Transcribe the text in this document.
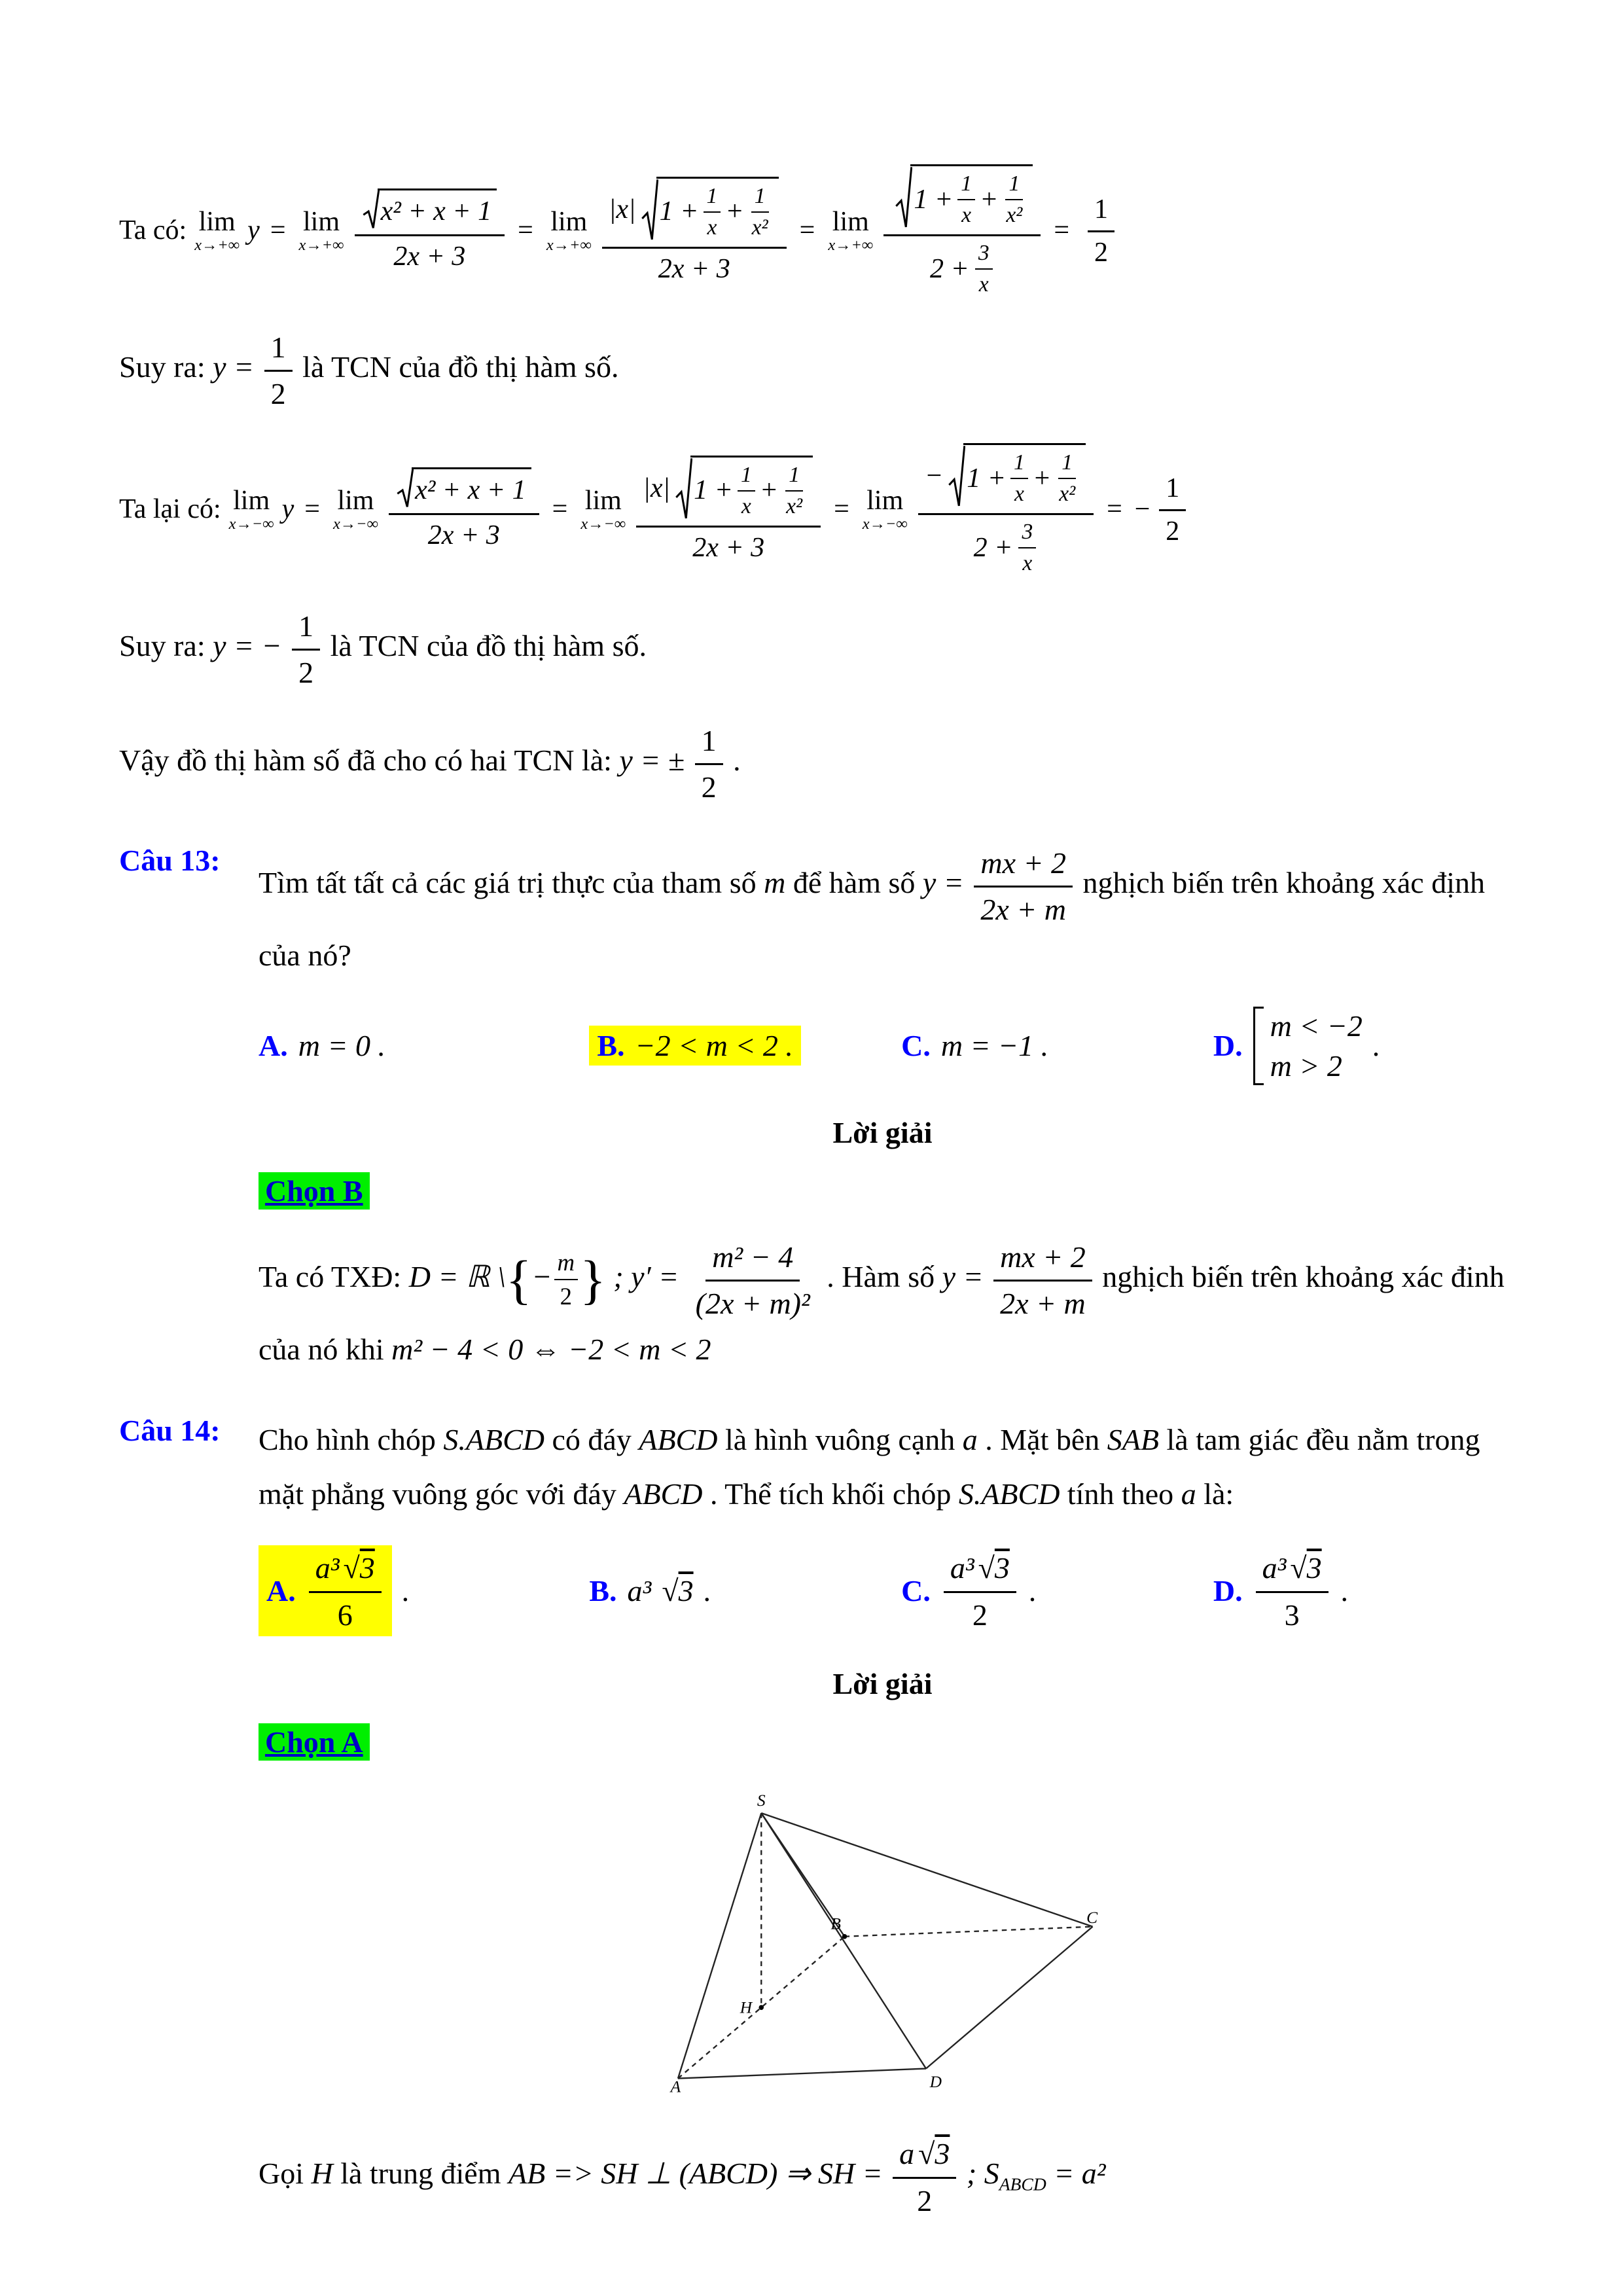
Ta có: lim
x→+∞ y = lim
$x\to+\infty \frac{\text{x² + x + 1}}{2x + 3} = \lim$
x→+∞
|x| $1 + \frac{1}{x} + \frac{1}{\text{x²}}$
2x + 3
= lim
$x\to+\infty \frac{1 + \frac{1}{x} + \frac{1}{\text{x²}}}{2 + \frac{3}{x}} = \frac{1}{2}$
Suy ra: $y = \frac{1}{2}$ là TCN của đồ thị hàm số.
Ta lại có: lim
x→−∞ y = lim
$x\to-\infty \frac{\text{x² + x + 1}}{2x + 3} = \lim$
x→−∞
|x| $1 + \frac{1}{x} + \frac{1}{\text{x²}}$
2x + 3
= lim
x→−∞
− $1 + \frac{1}{x} + \frac{1}{\text{x²}}$
$2 + \frac{3}{x}$
= − $\frac{1}{2}$
Suy ra: y = − $\frac{1}{2}$ là TCN của đồ thị hàm số.
Vậy đồ thị hàm số đã cho có hai TCN là: y = ± $\frac{1}{2}$ .
Câu 13:
Tìm tất tất cả các giá trị thực của tham số m để hàm số $y = \frac{mx + 2}{2x + m}$ nghịch biến trên khoảng xác định của nó?
A. m = 0 .	B. −2 < m < 2 .	C. m = −1 .	D.
m < −2
m > 2
.
Lời giải
Chọn B
Ta có TXĐ: D = ℝ \{− $\frac{m}{2}$ } ; $y' = \frac{\text{m² − 4}}{\text{(2x + m)²}}$ . Hàm số $y = \frac{mx + 2}{2x + m}$ nghịch biến trên khoảng xác đinh của nó khi m² − 4 < 0 ⇔ −2 < m < 2
Câu 14:	Cho hình chóp S.ABCD có đáy ABCD là hình vuông cạnh a . Mặt bên SAB là tam giác đều nằm trong mặt phẳng vuông góc với đáy ABCD . Thể tích khối chóp S.ABCD tính theo a là:
A. $\frac{\text{a³ √3}}{6}$ .	B. a³ √3 .	C. $\frac{\text{a³ √3}}{2}$ .	D. $\frac{\text{a³ √3}}{3}$ .
Lời giải
Chọn A
S
A
B	C
D
H
Gọi H là trung điểm AB => SH ⊥ (ABCD) ⇒ SH = $\frac{a √3}{2}$ ; $S_{ABCD} = a^2$
